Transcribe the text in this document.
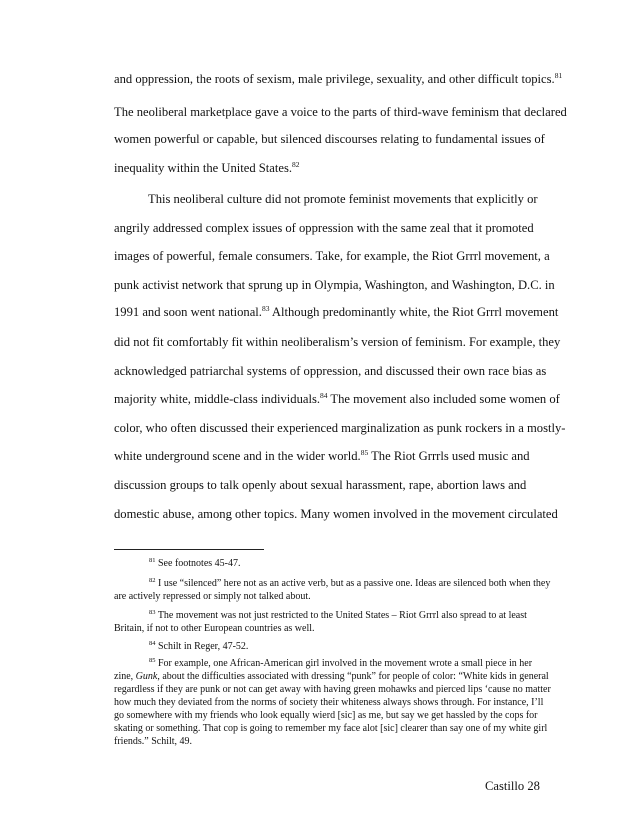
and oppression, the roots of sexism, male privilege, sexuality, and other difficult topics.$^{81}$
The neoliberal marketplace gave a voice to the parts of third-wave feminism that declared
women powerful or capable, but silenced discourses relating to fundamental issues of
inequality within the United States.$^{82}$
This neoliberal culture did not promote feminist movements that explicitly or
angrily addressed complex issues of oppression with the same zeal that it promoted
images of powerful, female consumers. Take, for example, the Riot Grrrl movement, a
punk activist network that sprung up in Olympia, Washington, and Washington, D.C. in
1991 and soon went national.$^{83}$ Although predominantly white, the Riot Grrrl movement
did not fit comfortably fit within neoliberalism’s version of feminism. For example, they
acknowledged patriarchal systems of oppression, and discussed their own race bias as
majority white, middle-class individuals.$^{84}$ The movement also included some women of
color, who often discussed their experienced marginalization as punk rockers in a mostly-
white underground scene and in the wider world.$^{85}$ The Riot Grrrls used music and
discussion groups to talk openly about sexual harassment, rape, abortion laws and
domestic abuse, among other topics. Many women involved in the movement circulated

$^{81}$ See footnotes 45-47.

$^{82}$ I use “silenced” here not as an active verb, but as a passive one. Ideas are silenced both when they are actively repressed or simply not talked about.

$^{83}$ The movement was not just restricted to the United States – Riot Grrrl also spread to at least Britain, if not to other European countries as well.

$^{84}$ Schilt in Reger, 47-52.

$^{85}$ For example, one African-American girl involved in the movement wrote a small piece in her zine, Gunk, about the difficulties associated with dressing “punk” for people of color: “White kids in general regardless if they are punk or not can get away with having green mohawks and pierced lips ‘cause no matter how much they deviated from the norms of society their whiteness always shows through. For instance, I’ll go somewhere with my friends who look equally wierd [sic] as me, but say we get hassled by the cops for skating or something. That cop is going to remember my face alot [sic] clearer than say one of my white girl friends.” Schilt, 49.

Castillo 28
